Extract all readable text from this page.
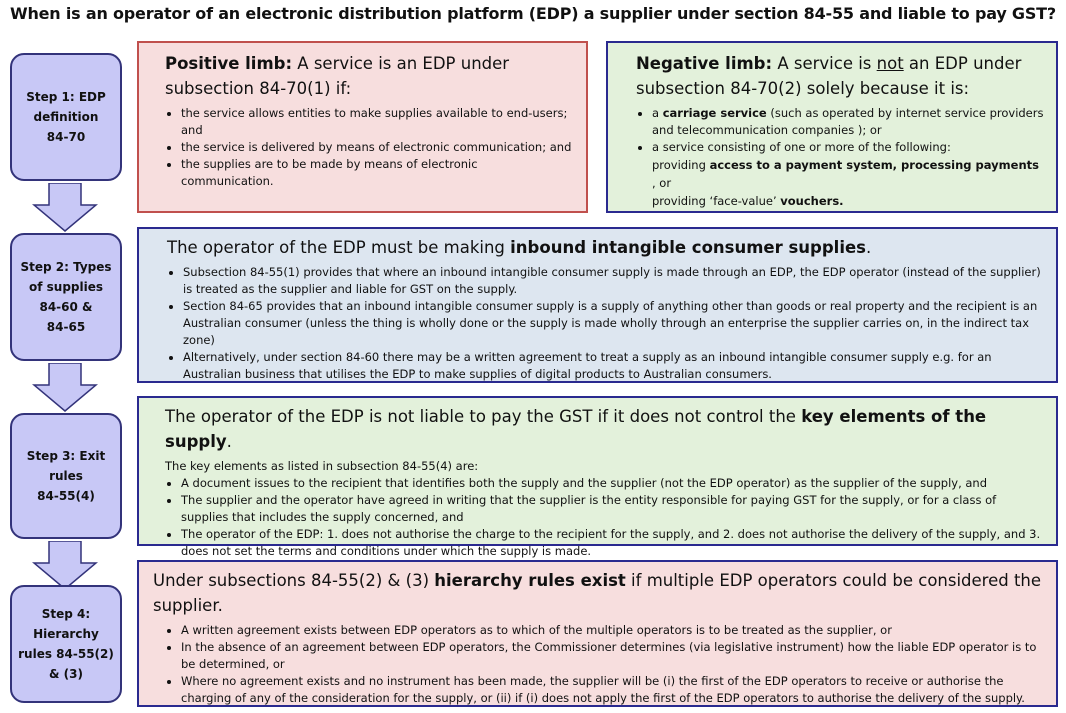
When is an operator of an electronic distribution platform (EDP) a supplier under section 84-55 and liable to pay GST?
Step 1: EDP
definition
84-70
Step 2: Types
of supplies
84-60 &
84-65
Step 3: Exit
rules
84-55(4)
Step 4:
Hierarchy
rules 84-55(2)
& (3)

Positive limb: A service is an EDP under subsection 84-70(1) if:

• the service allows entities to make supplies available to end-users; and
• the service is delivered by means of electronic communication; and
• the supplies are to be made by means of electronic communication.

Negative limb: A service is not an EDP under subsection 84-70(2) solely because it is:

• a carriage service (such as operated by internet service providers and telecommunication companies ); or
• a service consisting of one or more of the following:
providing access to a payment system, processing payments , or
providing ‘face-value’ vouchers.

The operator of the EDP must be making inbound intangible consumer supplies.

• Subsection 84-55(1) provides that where an inbound intangible consumer supply is made through an EDP, the EDP operator (instead of the supplier) is treated as the supplier and liable for GST on the supply.
• Section 84-65 provides that an inbound intangible consumer supply is a supply of anything other than goods or real property and the recipient is an Australian consumer (unless the thing is wholly done or the supply is made wholly through an enterprise the supplier carries on, in the indirect tax zone)
• Alternatively, under section 84-60 there may be a written agreement to treat a supply as an inbound intangible consumer supply e.g. for an Australian business that utilises the EDP to make supplies of digital products to Australian consumers.

The operator of the EDP is not liable to pay the GST if it does not control the key elements of the supply.

The key elements as listed in subsection 84-55(4) are:
• A document issues to the recipient that identifies both the supply and the supplier (not the EDP operator) as the supplier of the supply, and
• The supplier and the operator have agreed in writing that the supplier is the entity responsible for paying GST for the supply, or for a class of supplies that includes the supply concerned, and
• The operator of the EDP: 1. does not authorise the charge to the recipient for the supply, and 2. does not authorise the delivery of the supply, and 3. does not set the terms and conditions under which the supply is made.

Under subsections 84-55(2) & (3) hierarchy rules exist if multiple EDP operators could be considered the supplier.

• A written agreement exists between EDP operators as to which of the multiple operators is to be treated as the supplier, or
• In the absence of an agreement between EDP operators, the Commissioner determines (via legislative instrument) how the liable EDP operator is to be determined, or
• Where no agreement exists and no instrument has been made, the supplier will be (i) the first of the EDP operators to receive or authorise the charging of any of the consideration for the supply, or (ii) if (i) does not apply the first of the EDP operators to authorise the delivery of the supply.
